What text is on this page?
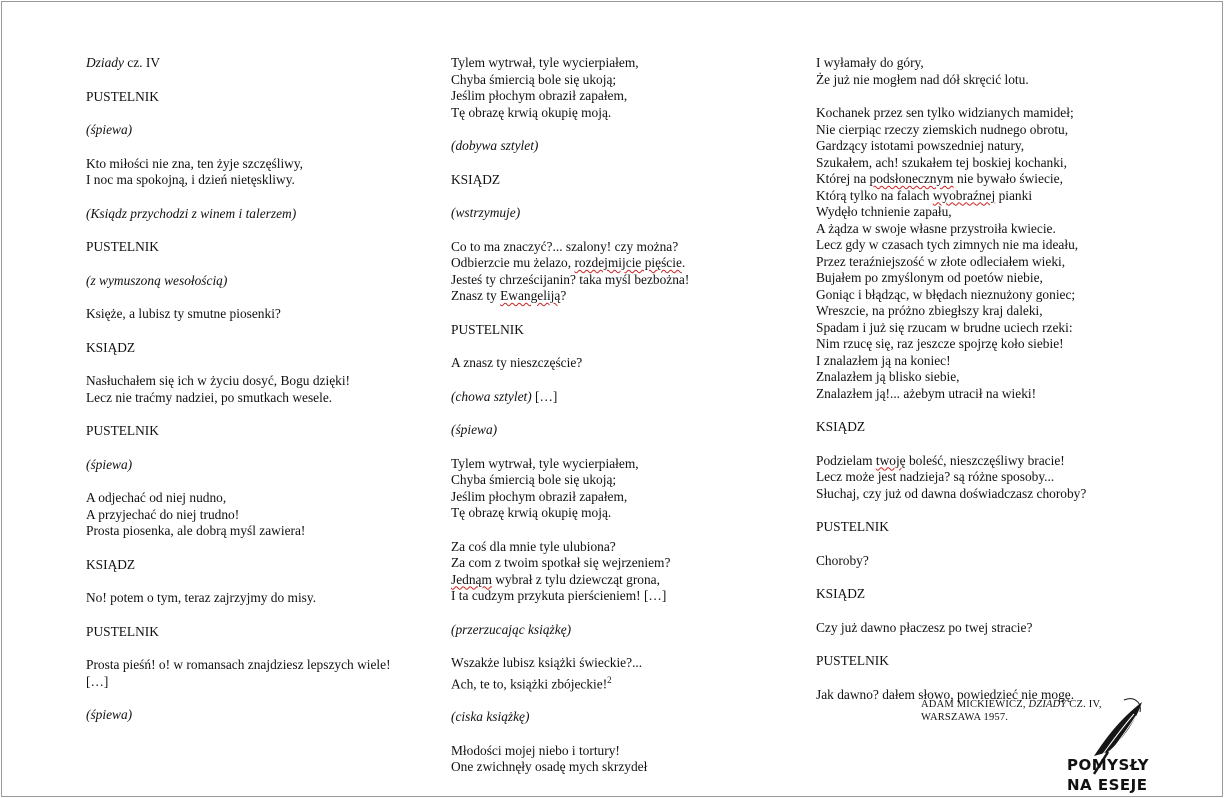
Dziady cz. IV
PUSTELNIK
(śpiewa)
Kto miłości nie zna, ten żyje szczęśliwy,
I noc ma spokojną, i dzień nietęskliwy.
(Ksiądz przychodzi z winem i talerzem)
PUSTELNIK
(z wymuszoną wesołością)
Księże, a lubisz ty smutne piosenki?
KSIĄDZ
Nasłuchałem się ich w życiu dosyć, Bogu dzięki!
Lecz nie traćmy nadziei, po smutkach wesele.
PUSTELNIK
(śpiewa)
A odjechać od niej nudno,
A przyjechać do niej trudno!
Prosta piosenka, ale dobrą myśl zawiera!
KSIĄDZ
No! potem o tym, teraz zajrzyjmy do misy.
PUSTELNIK
Prosta pieśń! o! w romansach znajdziesz lepszych wiele!
[…]
(śpiewa)
Tylem wytrwał, tyle wycierpiałem,
Chyba śmiercią bole się ukoją;
Jeślim płochym obraził zapałem,
Tę obrazę krwią okupię moją.
(dobywa sztylet)
KSIĄDZ
(wstrzymuje)
Co to ma znaczyć?... szalony! czy można?
Odbierzcie mu żelazo, rozdejmijcie pięście.
Jesteś ty chrześcijanin? taka myśl bezbożna!
Znasz ty Ewangeliją?
PUSTELNIK
A znasz ty nieszczęście?
(chowa sztylet) […]
(śpiewa)
Tylem wytrwał, tyle wycierpiałem,
Chyba śmiercią bole się ukoją;
Jeślim płochym obraził zapałem,
Tę obrazę krwią okupię moją.
Za coś dla mnie tyle ulubiona?
Za com z twoim spotkał się wejrzeniem?
Jednąm wybrał z tylu dziewcząt grona,
I ta cudzym przykuta pierścieniem! […]
(przerzucając książkę)
Wszakże lubisz książki świeckie?...
Ach, te to, książki zbójeckie!$^2$
(ciska książkę)
Młodości mojej niebo i tortury!
One zwichnęły osadę mych skrzydeł
I wyłamały do góry,
Że już nie mogłem nad dół skręcić lotu.
Kochanek przez sen tylko widzianych mamideł;
Nie cierpiąc rzeczy ziemskich nudnego obrotu,
Gardzący istotami powszedniej natury,
Szukałem, ach! szukałem tej boskiej kochanki,
Której na podsłonecznym nie bywało świecie,
Którą tylko na falach wyobraźnej pianki
Wydęło tchnienie zapału,
A żądza w swoje własne przystroiła kwiecie.
Lecz gdy w czasach tych zimnych nie ma ideału,
Przez teraźniejszość w złote odleciałem wieki,
Bujałem po zmyślonym od poetów niebie,
Goniąc i błądząc, w błędach nieznużony goniec;
Wreszcie, na próżno zbiegłszy kraj daleki,
Spadam i już się rzucam w brudne uciech rzeki:
Nim rzucę się, raz jeszcze spojrzę koło siebie!
I znalazłem ją na koniec!
Znalazłem ją blisko siebie,
Znalazłem ją!... ażebym utracił na wieki!
KSIĄDZ
Podzielam twoję boleść, nieszczęśliwy bracie!
Lecz może jest nadzieja? są różne sposoby...
Słuchaj, czy już od dawna doświadczasz choroby?
PUSTELNIK
Choroby?
KSIĄDZ
Czy już dawno płaczesz po twej stracie?
PUSTELNIK
Jak dawno? dałem słowo, powiedzieć nie mogę.
ADAM MICKIEWICZ, DZIADY CZ. IV,
WARSZAWA 1957.
POMYSŁY
NA ESEJE
